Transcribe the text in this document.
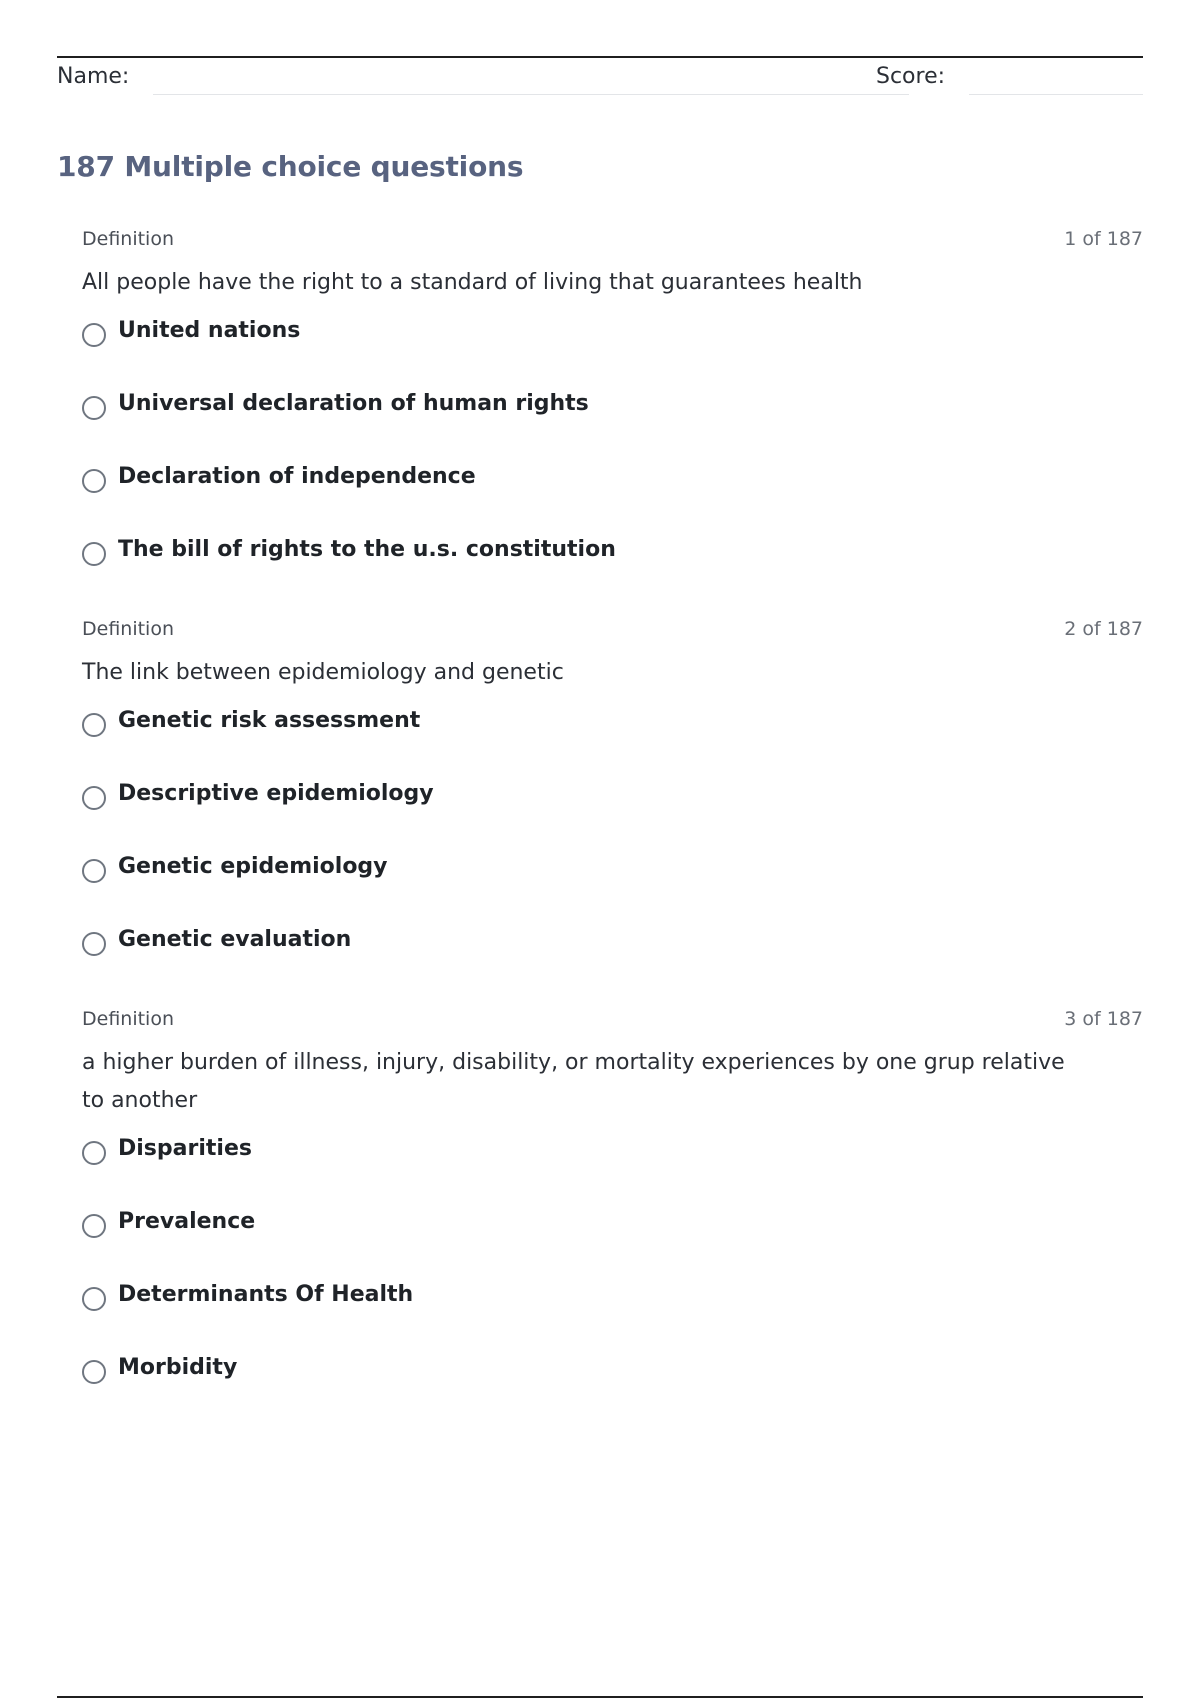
Name:	Score:
187 Multiple choice questions
Definition	1 of 187
All people have the right to a standard of living that guarantees health
United nations
Universal declaration of human rights
Declaration of independence
The bill of rights to the u.s. constitution
Definition	2 of 187
The link between epidemiology and genetic
Genetic risk assessment
Descriptive epidemiology
Genetic epidemiology
Genetic evaluation
Definition	3 of 187
a higher burden of illness, injury, disability, or mortality experiences by one grup relative to another
Disparities
Prevalence
Determinants Of Health
Morbidity
